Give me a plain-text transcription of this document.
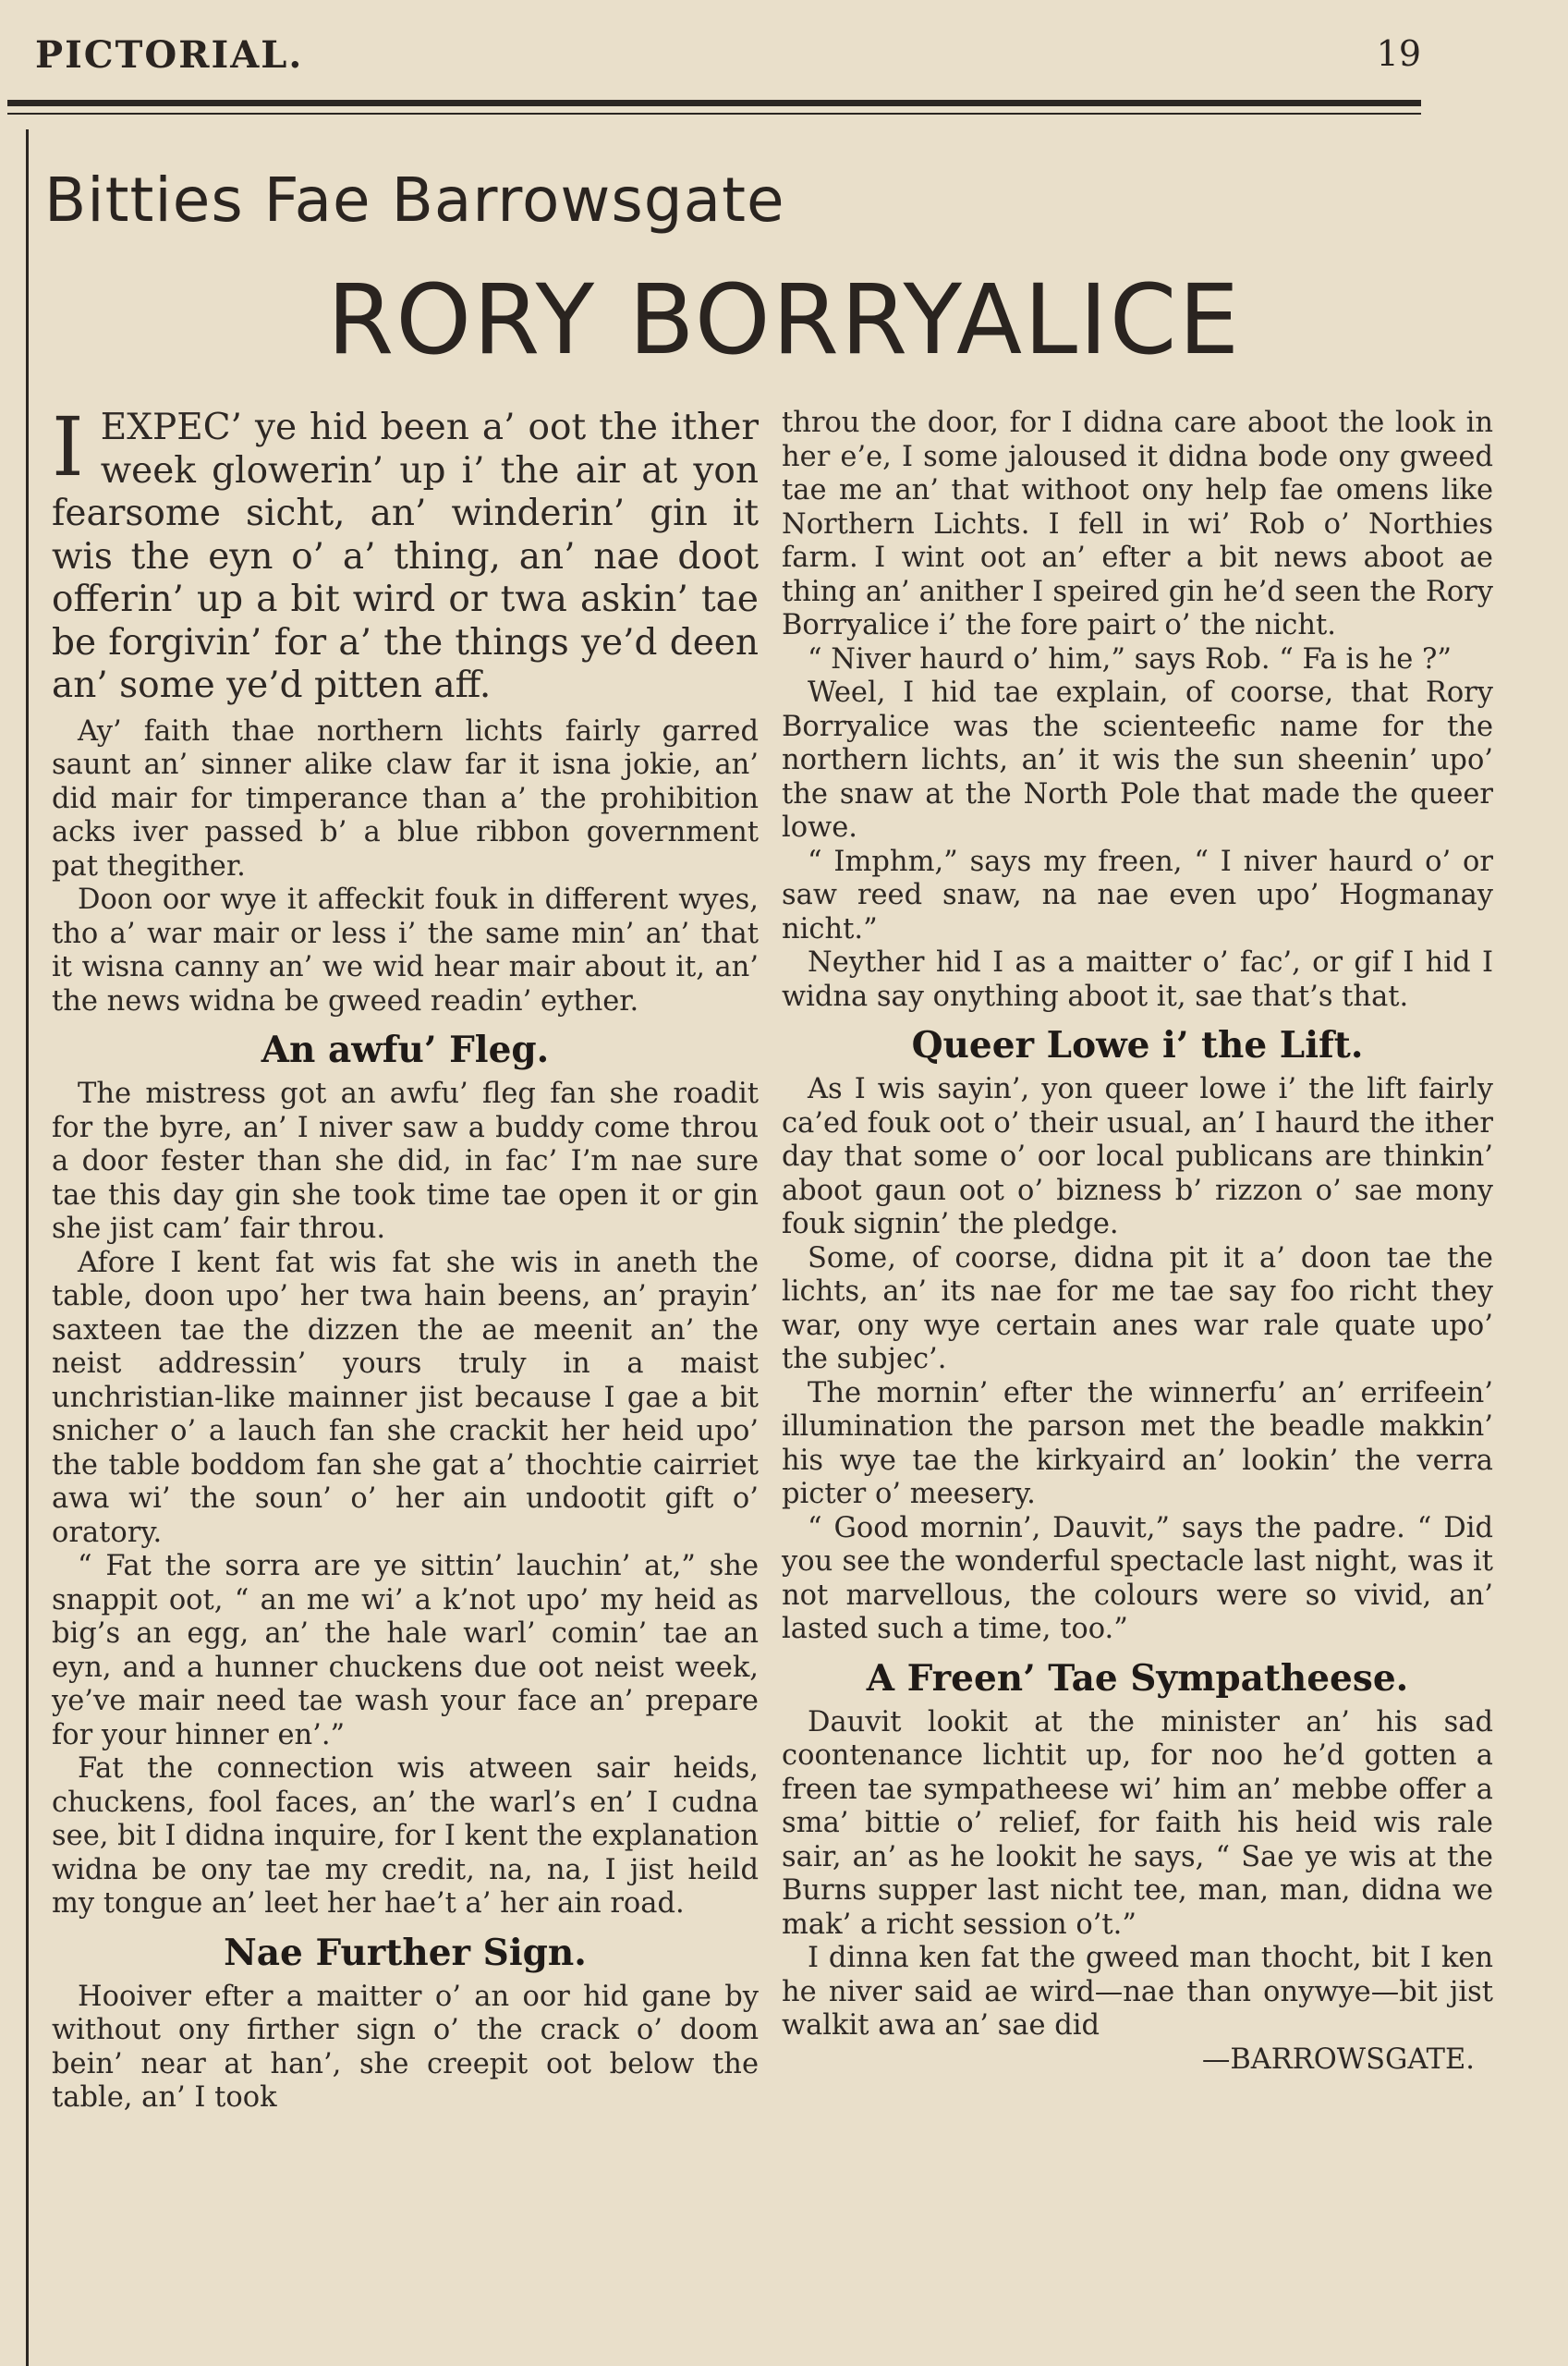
PICTORIAL.	19
Bitties Fae Barrowsgate
RORY BORRYALICE
IEXPEC’ ye hid been a’ oot the ither week glowerin’ up i’ the air at yon fearsome sicht, an’ winderin’ gin it wis the eyn o’ a’ thing, an’ nae doot offerin’ up a bit wird or twa askin’ tae be forgivin’ for a’ the things ye’d deen an’ some ye’d pitten aff.

Ay’ faith thae northern lichts fairly garred saunt an’ sinner alike claw far it isna jokie, an’ did mair for timperance than a’ the prohibition acks iver passed b’ a blue ribbon government pat thegither.

Doon oor wye it affeckit fouk in different wyes, tho a’ war mair or less i’ the same min’ an’ that it wisna canny an’ we wid hear mair about it, an’ the news widna be gweed readin’ eyther.

An awfu’ Fleg.

The mistress got an awfu’ fleg fan she roadit for the byre, an’ I niver saw a buddy come throu a door fester than she did, in fac’ I’m nae sure tae this day gin she took time tae open it or gin she jist cam’ fair throu.

Afore I kent fat wis fat she wis in aneth the table, doon upo’ her twa hain beens, an’ prayin’ saxteen tae the dizzen the ae meenit an’ the neist addressin’ yours truly in a maist unchristian-like mainner jist because I gae a bit snicher o’ a lauch fan she crackit her heid upo’ the table boddom fan she gat a’ thochtie cairriet awa wi’ the soun’ o’ her ain undootit gift o’ oratory.

“ Fat the sorra are ye sittin’ lauchin’ at,” she snappit oot, “ an me wi’ a k’not upo’ my heid as big’s an egg, an’ the hale warl’ comin’ tae an eyn, and a hunner chuckens due oot neist week, ye’ve mair need tae wash your face an’ prepare for your hinner en’.”

Fat the connection wis atween sair heids, chuckens, fool faces, an’ the warl’s en’ I cudna see, bit I didna inquire, for I kent the explanation widna be ony tae my credit, na, na, I jist heild my tongue an’ leet her hae’t a’ her ain road.

Nae Further Sign.

Hooiver efter a maitter o’ an oor hid gane by without ony firther sign o’ the crack o’ doom bein’ near at han’, she creepit oot below the table, an’ I took

throu the door, for I didna care aboot the look in her e’e, I some jaloused it didna bode ony gweed tae me an’ that withoot ony help fae omens like Northern Lichts. I fell in wi’ Rob o’ Northies farm. I wint oot an’ efter a bit news aboot ae thing an’ anither I speired gin he’d seen the Rory Borryalice i’ the fore pairt o’ the nicht.

“ Niver haurd o’ him,” says Rob. “ Fa is he ?”

Weel, I hid tae explain, of coorse, that Rory Borryalice was the scienteefic name for the northern lichts, an’ it wis the sun sheenin’ upo’ the snaw at the North Pole that made the queer lowe.

“ Imphm,” says my freen, “ I niver haurd o’ or saw reed snaw, na nae even upo’ Hogmanay nicht.”

Neyther hid I as a maitter o’ fac’, or gif I hid I widna say onything aboot it, sae that’s that.

Queer Lowe i’ the Lift.

As I wis sayin’, yon queer lowe i’ the lift fairly ca’ed fouk oot o’ their usual, an’ I haurd the ither day that some o’ oor local publicans are thinkin’ aboot gaun oot o’ bizness b’ rizzon o’ sae mony fouk signin’ the pledge.

Some, of coorse, didna pit it a’ doon tae the lichts, an’ its nae for me tae say foo richt they war, ony wye certain anes war rale quate upo’ the subjec’.

The mornin’ efter the winnerfu’ an’ errifeein’ illumination the parson met the beadle makkin’ his wye tae the kirkyaird an’ lookin’ the verra picter o’ meesery.

“ Good mornin’, Dauvit,” says the padre. “ Did you see the wonderful spectacle last night, was it not marvellous, the colours were so vivid, an’ lasted such a time, too.”

A Freen’ Tae Sympatheese.

Dauvit lookit at the minister an’ his sad coontenance lichtit up, for noo he’d gotten a freen tae sympatheese wi’ him an’ mebbe offer a sma’ bittie o’ relief, for faith his heid wis rale sair, an’ as he lookit he says, “ Sae ye wis at the Burns supper last nicht tee, man, man, didna we mak’ a richt session o’t.”

I dinna ken fat the gweed man thocht, bit I ken he niver said ae wird—nae than onywye—bit jist walkit awa an’ sae did

—BARROWSGATE.
